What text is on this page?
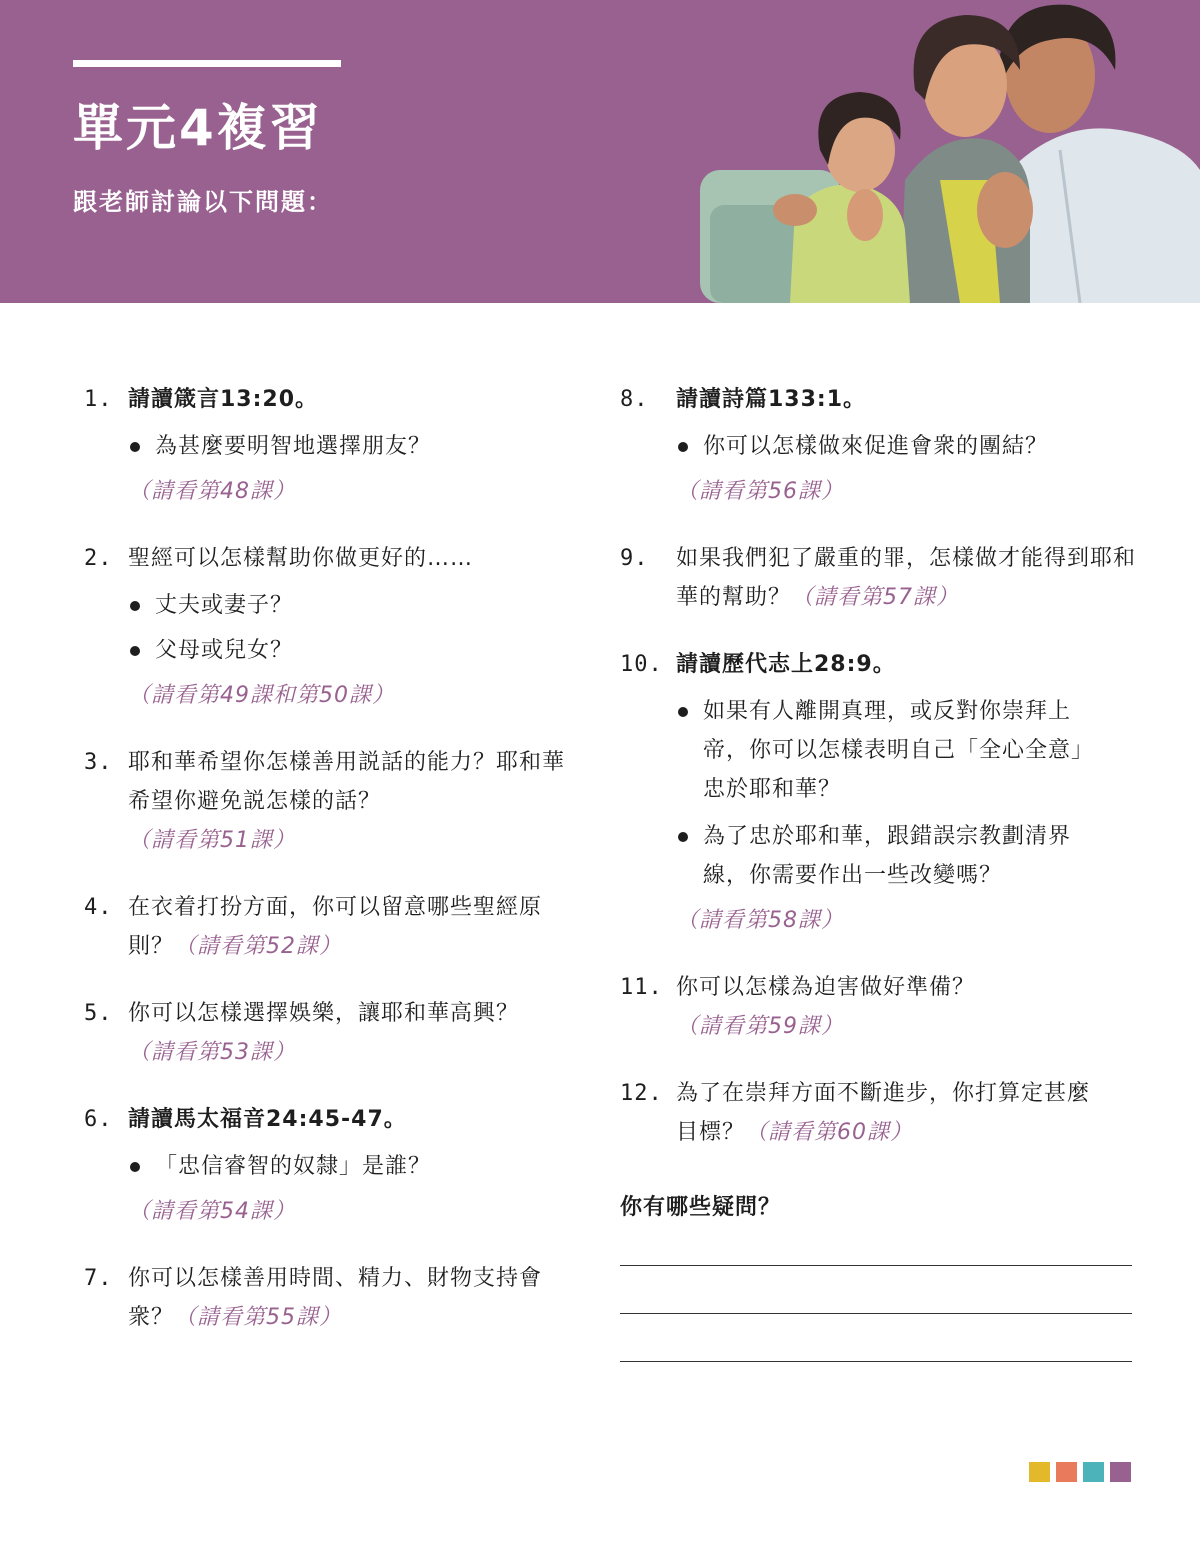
單元4複習
跟老師討論以下問題：
1. 請讀箴言13:20。
為甚麼要明智地選擇朋友？
（請看第48課）
2. 聖經可以怎樣幫助你做更好的……
丈夫或妻子？
父母或兒女？
（請看第49課和第50課）
3. 耶和華希望你怎樣善用説話的能力？耶和華希望你避免説怎樣的話？
（請看第51課）
4. 在衣着打扮方面，你可以留意哪些聖經原則？（請看第52課）
5. 你可以怎樣選擇娛樂，讓耶和華高興？
（請看第53課）
6. 請讀馬太福音24:45-47。
「忠信睿智的奴隸」是誰？
（請看第54課）
7. 你可以怎樣善用時間、精力、財物支持會衆？（請看第55課）
8.	請讀詩篇133:1。
你可以怎樣做來促進會衆的團結？
（請看第56課）
9.	如果我們犯了嚴重的罪，怎樣做才能得到耶和華的幫助？（請看第57課）
10. 請讀歷代志上28:9。
如果有人離開真理，或反對你崇拜上帝，你可以怎樣表明自己「全心全意」忠於耶和華？
為了忠於耶和華，跟錯誤宗教劃清界線，你需要作出一些改變嗎？
（請看第58課）
11. 你可以怎樣為迫害做好準備？
（請看第59課）
12. 為了在崇拜方面不斷進步，你打算定甚麼目標？（請看第60課）
你有哪些疑問？
